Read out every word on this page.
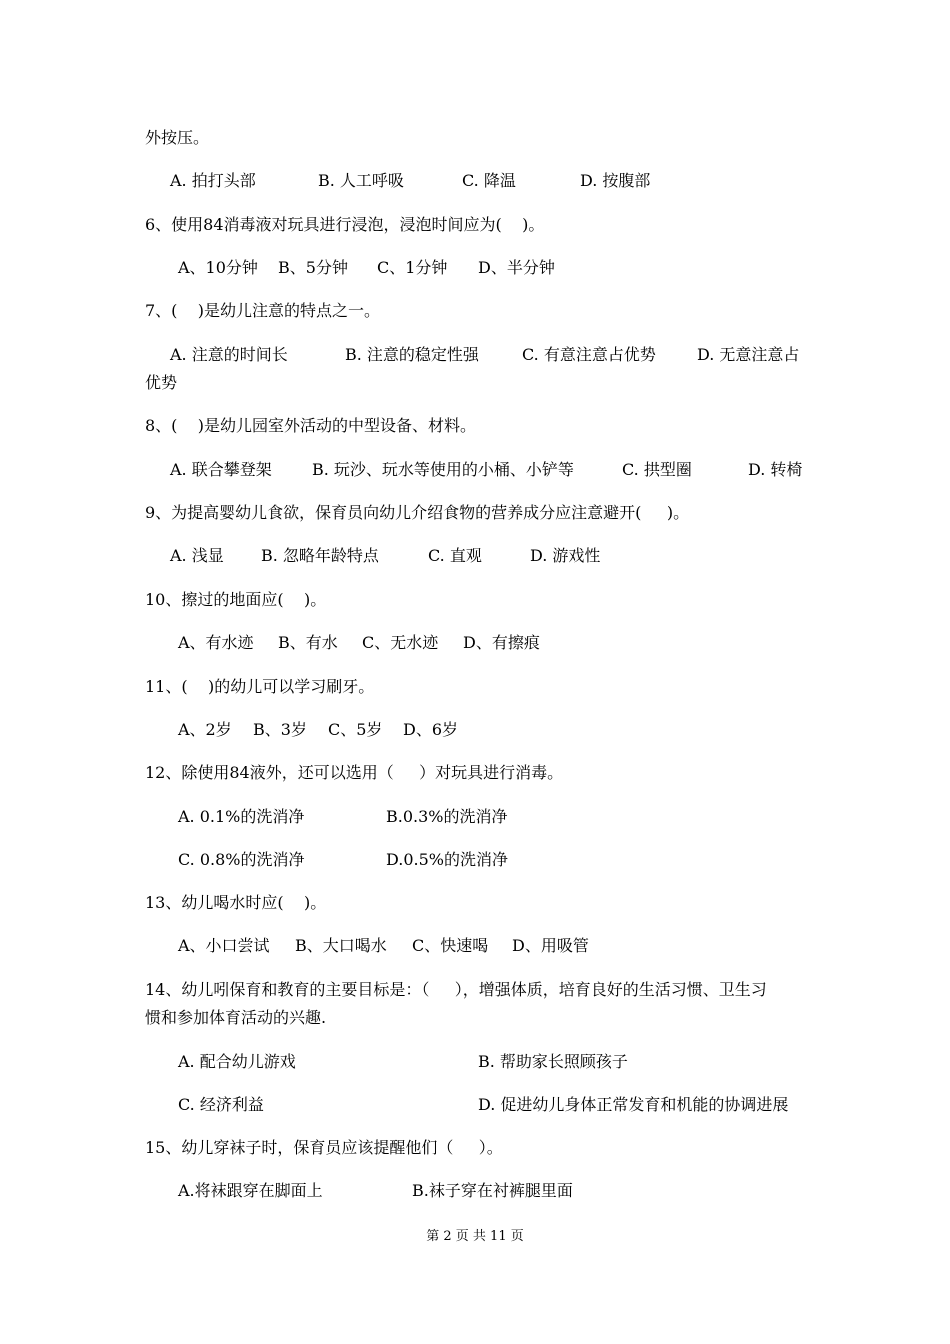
外按压。
A. 拍打头部	B. 人工呼吸	C. 降温	D. 按腹部
6、使用84消毒液对玩具进行浸泡，浸泡时间应为(    )。
A、10分钟 B、5分钟 C、1分钟 D、半分钟
7、(    )是幼儿注意的特点之一。
A. 注意的时间长	B. 注意的稳定性强	C. 有意注意占优势	D. 无意注意占
优势
8、(    )是幼儿园室外活动的中型设备、材料。
A. 联合攀登架	B. 玩沙、玩水等使用的小桶、小铲等	C. 拱型圈	D. 转椅
9、为提高婴幼儿食欲，保育员向幼儿介绍食物的营养成分应注意避开(     )。
A. 浅显 B. 忽略年龄特点	C. 直观	D. 游戏性
10、擦过的地面应(    )。
A、有水迹 B、有水 C、无水迹 D、有擦痕
11、(    )的幼儿可以学习刷牙。
A、2岁 B、3岁 C、5岁 D、6岁
12、除使用84液外，还可以选用（     ）对玩具进行消毒。
A. 0.1%的洗消净	B.0.3%的洗消净
C. 0.8%的洗消净	D.0.5%的洗消净
13、幼儿喝水时应(    )。
A、小口尝试 B、大口喝水 C、快速喝 D、用吸管
14、幼儿吲保育和教育的主要目标是：（     ），增强体质，培育良好的生活习惯、卫生习
惯和参加体育活动的兴趣.
A. 配合幼儿游戏	B. 帮助家长照顾孩子
C. 经济利益	D. 促进幼儿身体正常发育和机能的协调进展
15、幼儿穿袜子时，保育员应该提醒他们（     ）。
A.将袜跟穿在脚面上	B.袜子穿在衬裤腿里面
第 2 页 共 11 页
